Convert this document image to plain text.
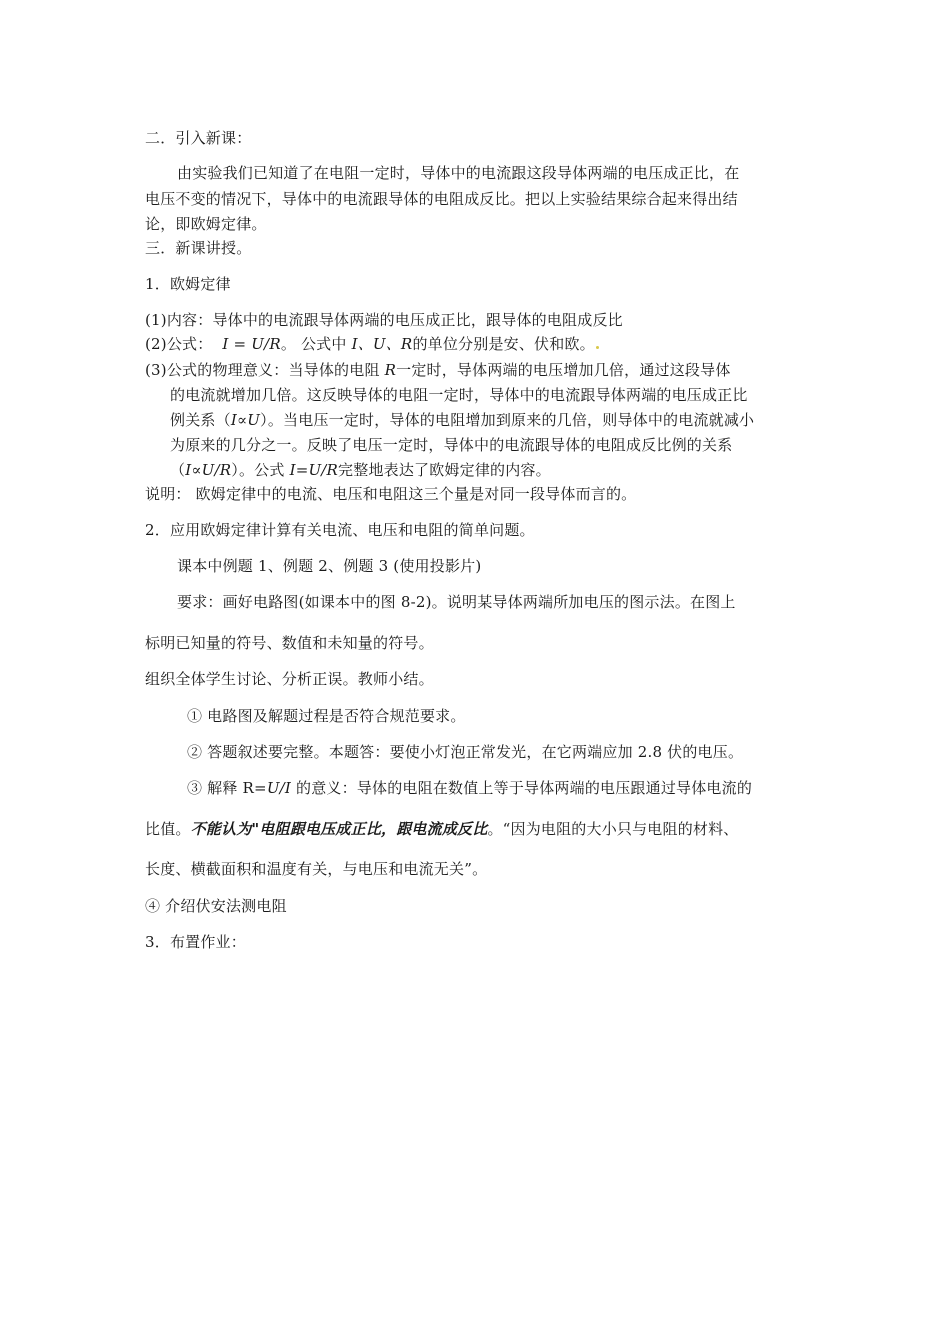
二．引入新课：
由实验我们已知道了在电阻一定时，导体中的电流跟这段导体两端的电压成正比，在
电压不变的情况下，导体中的电流跟导体的电阻成反比。把以上实验结果综合起来得出结
论，即欧姆定律。
三．新课讲授。
1．欧姆定律
(1)内容：导体中的电流跟导体两端的电压成正比，跟导体的电阻成反比
(2)公式： I = U/R。 公式中 I、U、R的单位分别是安、伏和欧。
(3)公式的物理意义：当导体的电阻 R一定时，导体两端的电压增加几倍，通过这段导体
的电流就增加几倍。这反映导体的电阻一定时，导体中的电流跟导体两端的电压成正比
例关系（I∝U）。当电压一定时，导体的电阻增加到原来的几倍，则导体中的电流就减小
为原来的几分之一。反映了电压一定时，导体中的电流跟导体的电阻成反比例的关系
（I∝U/R）。公式 I=U/R完整地表达了欧姆定律的内容。
说明： 欧姆定律中的电流、电压和电阻这三个量是对同一段导体而言的。
2．应用欧姆定律计算有关电流、电压和电阻的简单问题。
课本中例题 1、例题 2、例题 3 (使用投影片)
要求：画好电路图(如课本中的图 8-2)。说明某导体两端所加电压的图示法。在图上
标明已知量的符号、数值和未知量的符号。
组织全体学生讨论、分析正误。教师小结。
① 电路图及解题过程是否符合规范要求。
② 答题叙述要完整。本题答：要使小灯泡正常发光，在它两端应加 2.8 伏的电压。
③ 解释 R=U/I 的意义：导体的电阻在数值上等于导体两端的电压跟通过导体电流的
比值。不能认为"电阻跟电压成正比，跟电流成反比。“因为电阻的大小只与电阻的材料、
长度、横截面积和温度有关，与电压和电流无关”。
④ 介绍伏安法测电阻
3．布置作业：
